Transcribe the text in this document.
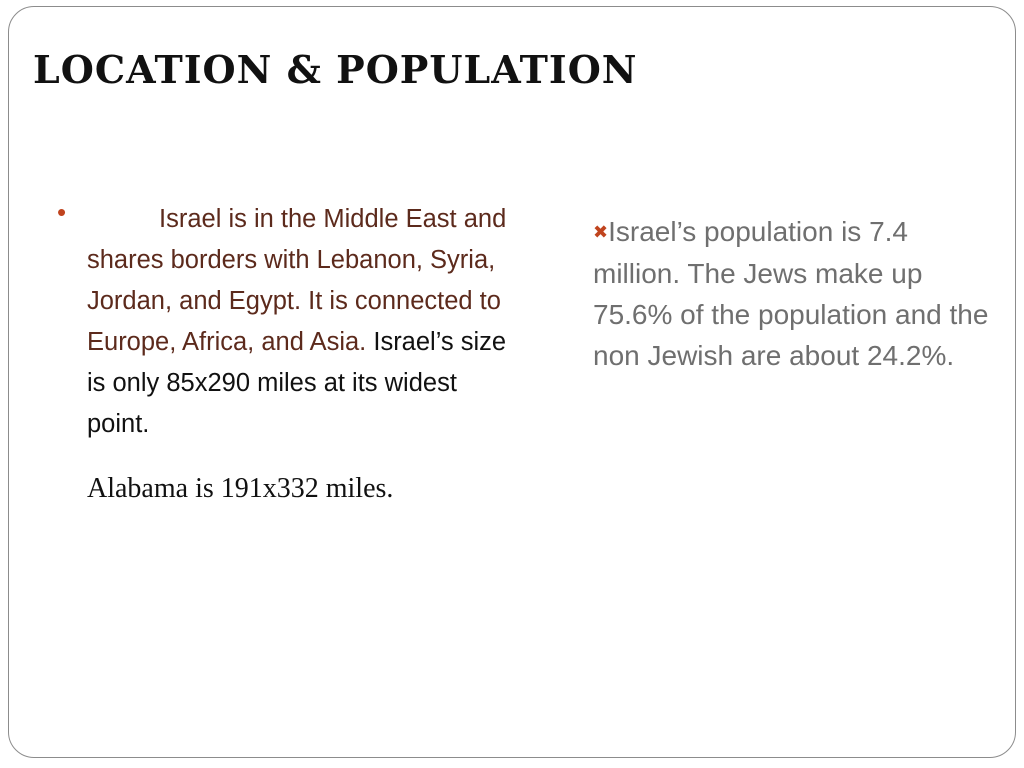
LOCATION & POPULATION
•	Israel is in the Middle East and shares borders with Lebanon, Syria, Jordan, and Egypt. It is connected to Europe, Africa, and Asia. Israel’s size is only 85x290 miles at its widest point.

Alabama is 191x332 miles.

✖Israel’s population is 7.4 million. The Jews make up 75.6% of the population and the non Jewish are about 24.2%.
